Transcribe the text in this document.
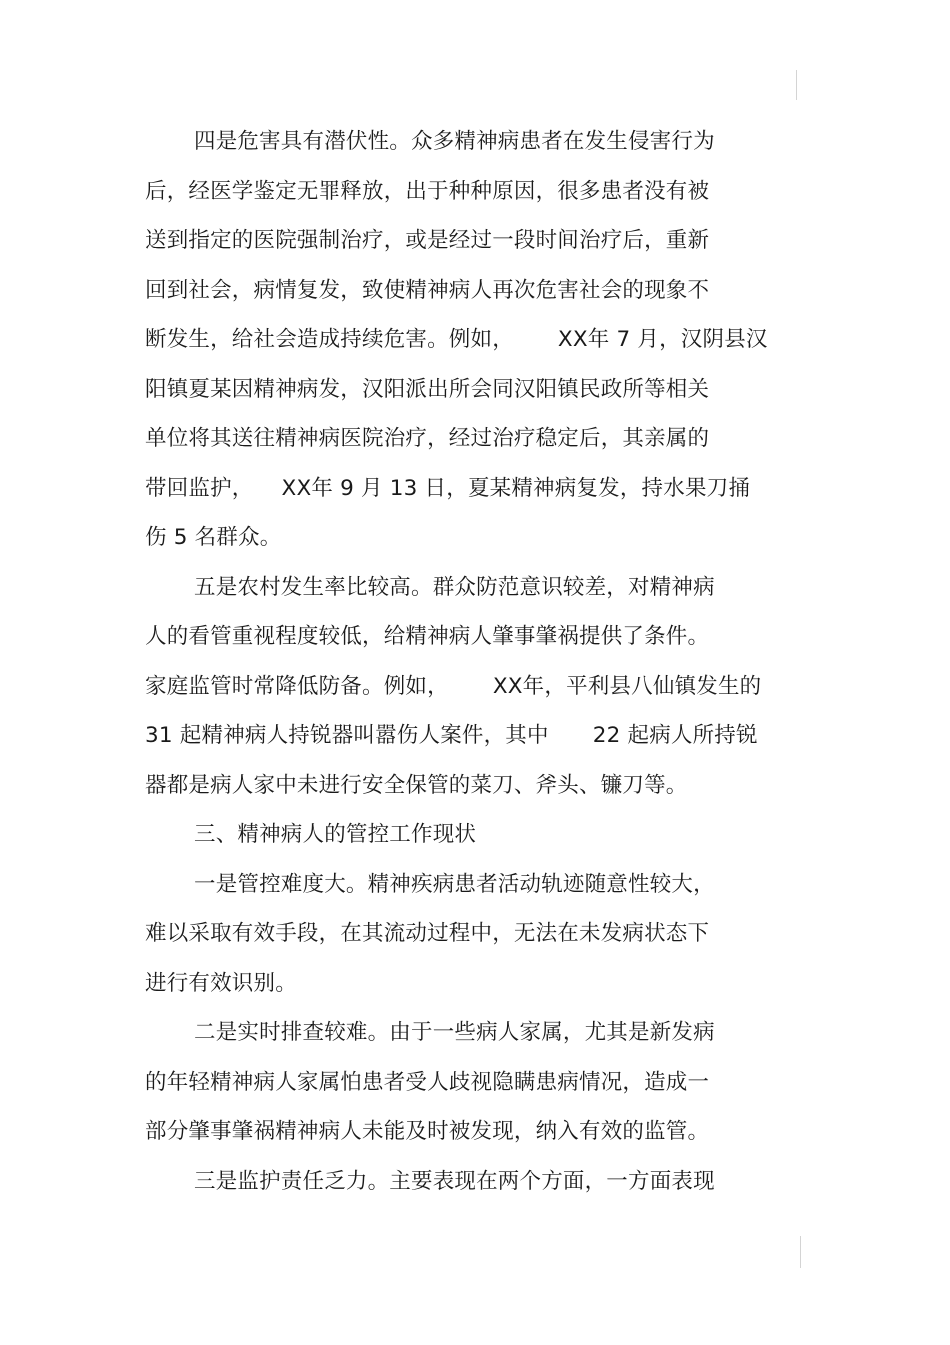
四是危害具有潜伏性。众多精神病患者在发生侵害行为
后，经医学鉴定无罪释放，出于种种原因，很多患者没有被
送到指定的医院强制治疗，或是经过一段时间治疗后，重新
回到社会，病情复发，致使精神病人再次危害社会的现象不
断发生，给社会造成持续危害。例如， XX年 7 月，汉阴县汉
阳镇夏某因精神病发，汉阳派出所会同汉阳镇民政所等相关
单位将其送往精神病医院治疗，经过治疗稳定后，其亲属的
带回监护， XX年 9 月 13 日，夏某精神病复发，持水果刀捅
伤 5 名群众。
五是农村发生率比较高。群众防范意识较差，对精神病
人的看管重视程度较低，给精神病人肇事肇祸提供了条件。
家庭监管时常降低防备。例如， XX年，平利县八仙镇发生的
31 起精神病人持锐器叫嚣伤人案件，其中 22 起病人所持锐
器都是病人家中未进行安全保管的菜刀、斧头、镰刀等。
三、精神病人的管控工作现状
一是管控难度大。精神疾病患者活动轨迹随意性较大，
难以采取有效手段，在其流动过程中，无法在未发病状态下
进行有效识别。
二是实时排查较难。由于一些病人家属，尤其是新发病
的年轻精神病人家属怕患者受人歧视隐瞒患病情况，造成一
部分肇事肇祸精神病人未能及时被发现，纳入有效的监管。
三是监护责任乏力。主要表现在两个方面，一方面表现
